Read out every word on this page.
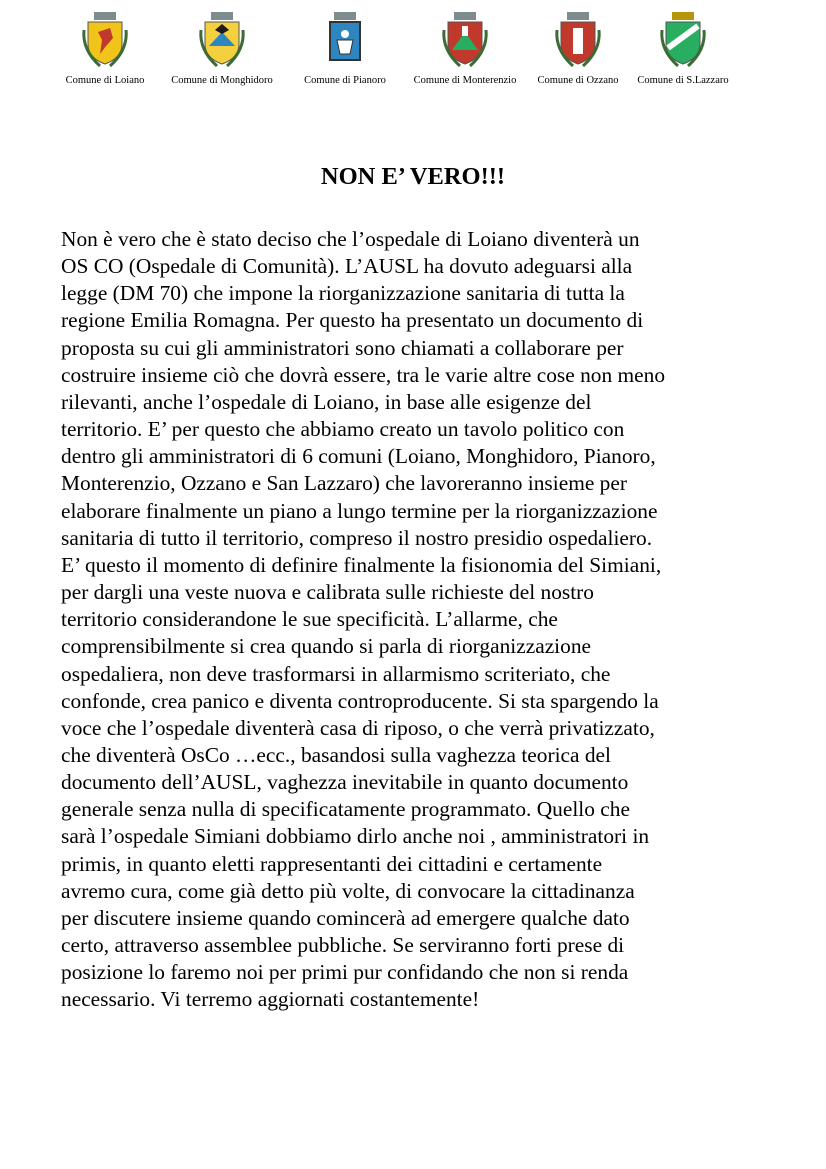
Comune di Loiano	Comune di Monghidoro	Comune di Pianoro	Comune di Monterenzio	Comune di Ozzano	Comune di S.Lazzaro
NON E’ VERO!!!

Non è vero che è stato deciso che l’ospedale di Loiano diventerà un
OS CO (Ospedale di Comunità). L’AUSL ha dovuto adeguarsi alla
legge (DM 70) che impone la riorganizzazione sanitaria di tutta la
regione Emilia Romagna. Per questo ha presentato un documento di
proposta su cui gli amministratori sono chiamati a collaborare per
costruire insieme ciò che dovrà essere, tra le varie altre cose non meno
rilevanti, anche l’ospedale di Loiano, in base alle esigenze del
territorio. E’ per questo che abbiamo creato un tavolo politico con
dentro gli amministratori di 6 comuni (Loiano, Monghidoro, Pianoro,
Monterenzio, Ozzano e San Lazzaro) che lavoreranno insieme per
elaborare finalmente un piano a lungo termine per la riorganizzazione
sanitaria di tutto il territorio, compreso il nostro presidio ospedaliero.
E’ questo il momento di definire finalmente la fisionomia del Simiani,
per dargli una veste nuova e calibrata sulle richieste del nostro
territorio considerandone le sue specificità. L’allarme, che
comprensibilmente si crea quando si parla di riorganizzazione
ospedaliera, non deve trasformarsi in allarmismo scriteriato, che
confonde, crea panico e diventa controproducente. Si sta spargendo la
voce che l’ospedale diventerà casa di riposo, o che verrà privatizzato,
che diventerà OsCo …ecc., basandosi sulla vaghezza teorica del
documento dell’AUSL, vaghezza inevitabile in quanto documento
generale senza nulla di specificatamente programmato. Quello che
sarà l’ospedale Simiani dobbiamo dirlo anche noi , amministratori in
primis, in quanto eletti rappresentanti dei cittadini e certamente
avremo cura, come già detto più volte, di convocare la cittadinanza
per discutere insieme quando comincerà ad emergere qualche dato
certo, attraverso assemblee pubbliche. Se serviranno forti prese di
posizione lo faremo noi per primi pur confidando che non si renda
necessario. Vi terremo aggiornati costantemente!
